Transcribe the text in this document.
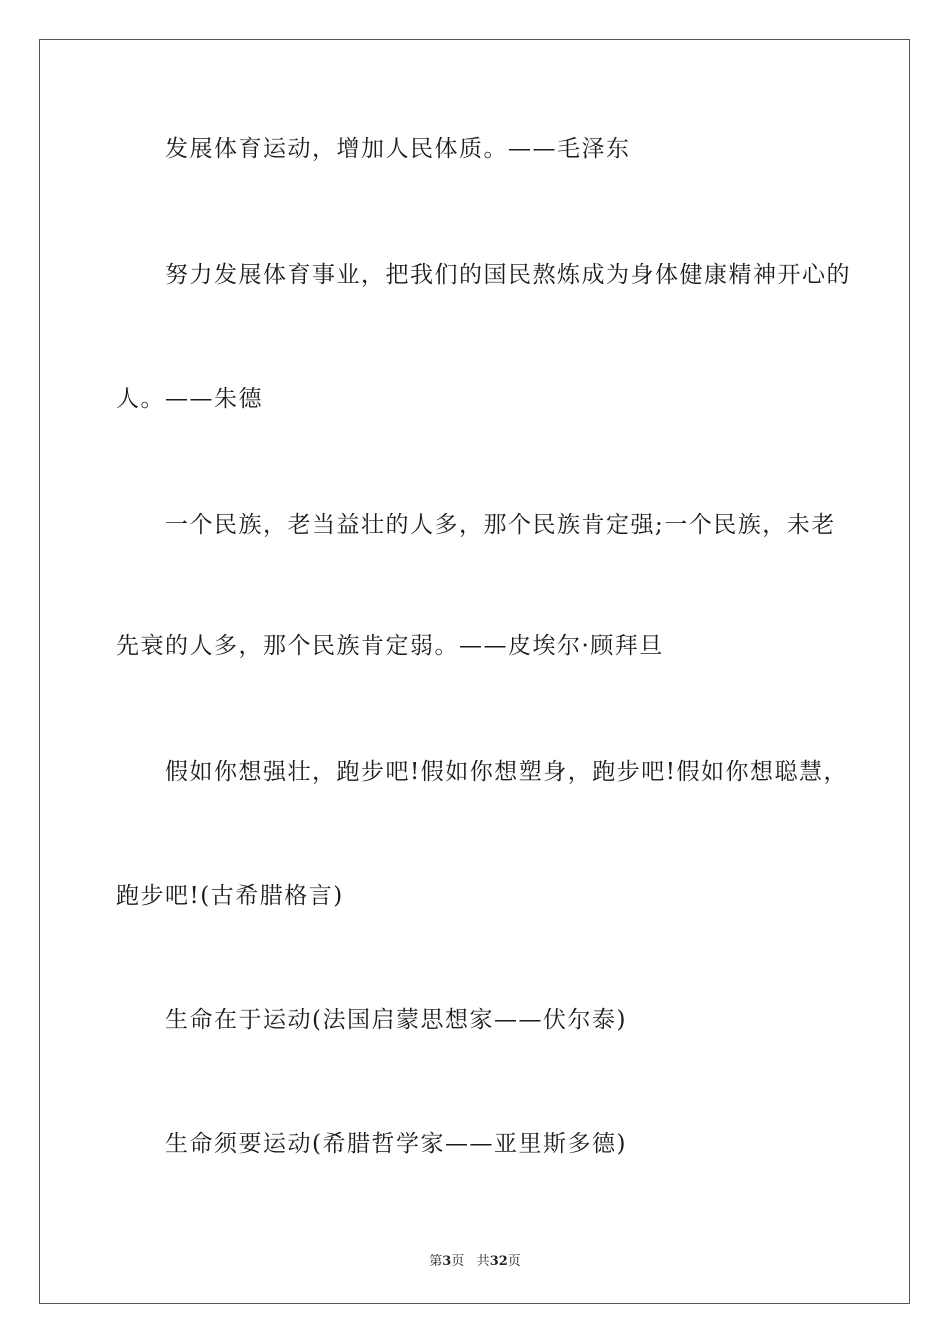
发展体育运动，增加人民体质。——毛泽东
努力发展体育事业，把我们的国民熬炼成为身体健康精神开心的
人。——朱德
一个民族，老当益壮的人多，那个民族肯定强;一个民族，未老
先衰的人多，那个民族肯定弱。——皮埃尔·顾拜旦
假如你想强壮，跑步吧!假如你想塑身，跑步吧!假如你想聪慧，
跑步吧!(古希腊格言)
生命在于运动(法国启蒙思想家——伏尔泰)
生命须要运动(希腊哲学家——亚里斯多德)
第3页 共32页
